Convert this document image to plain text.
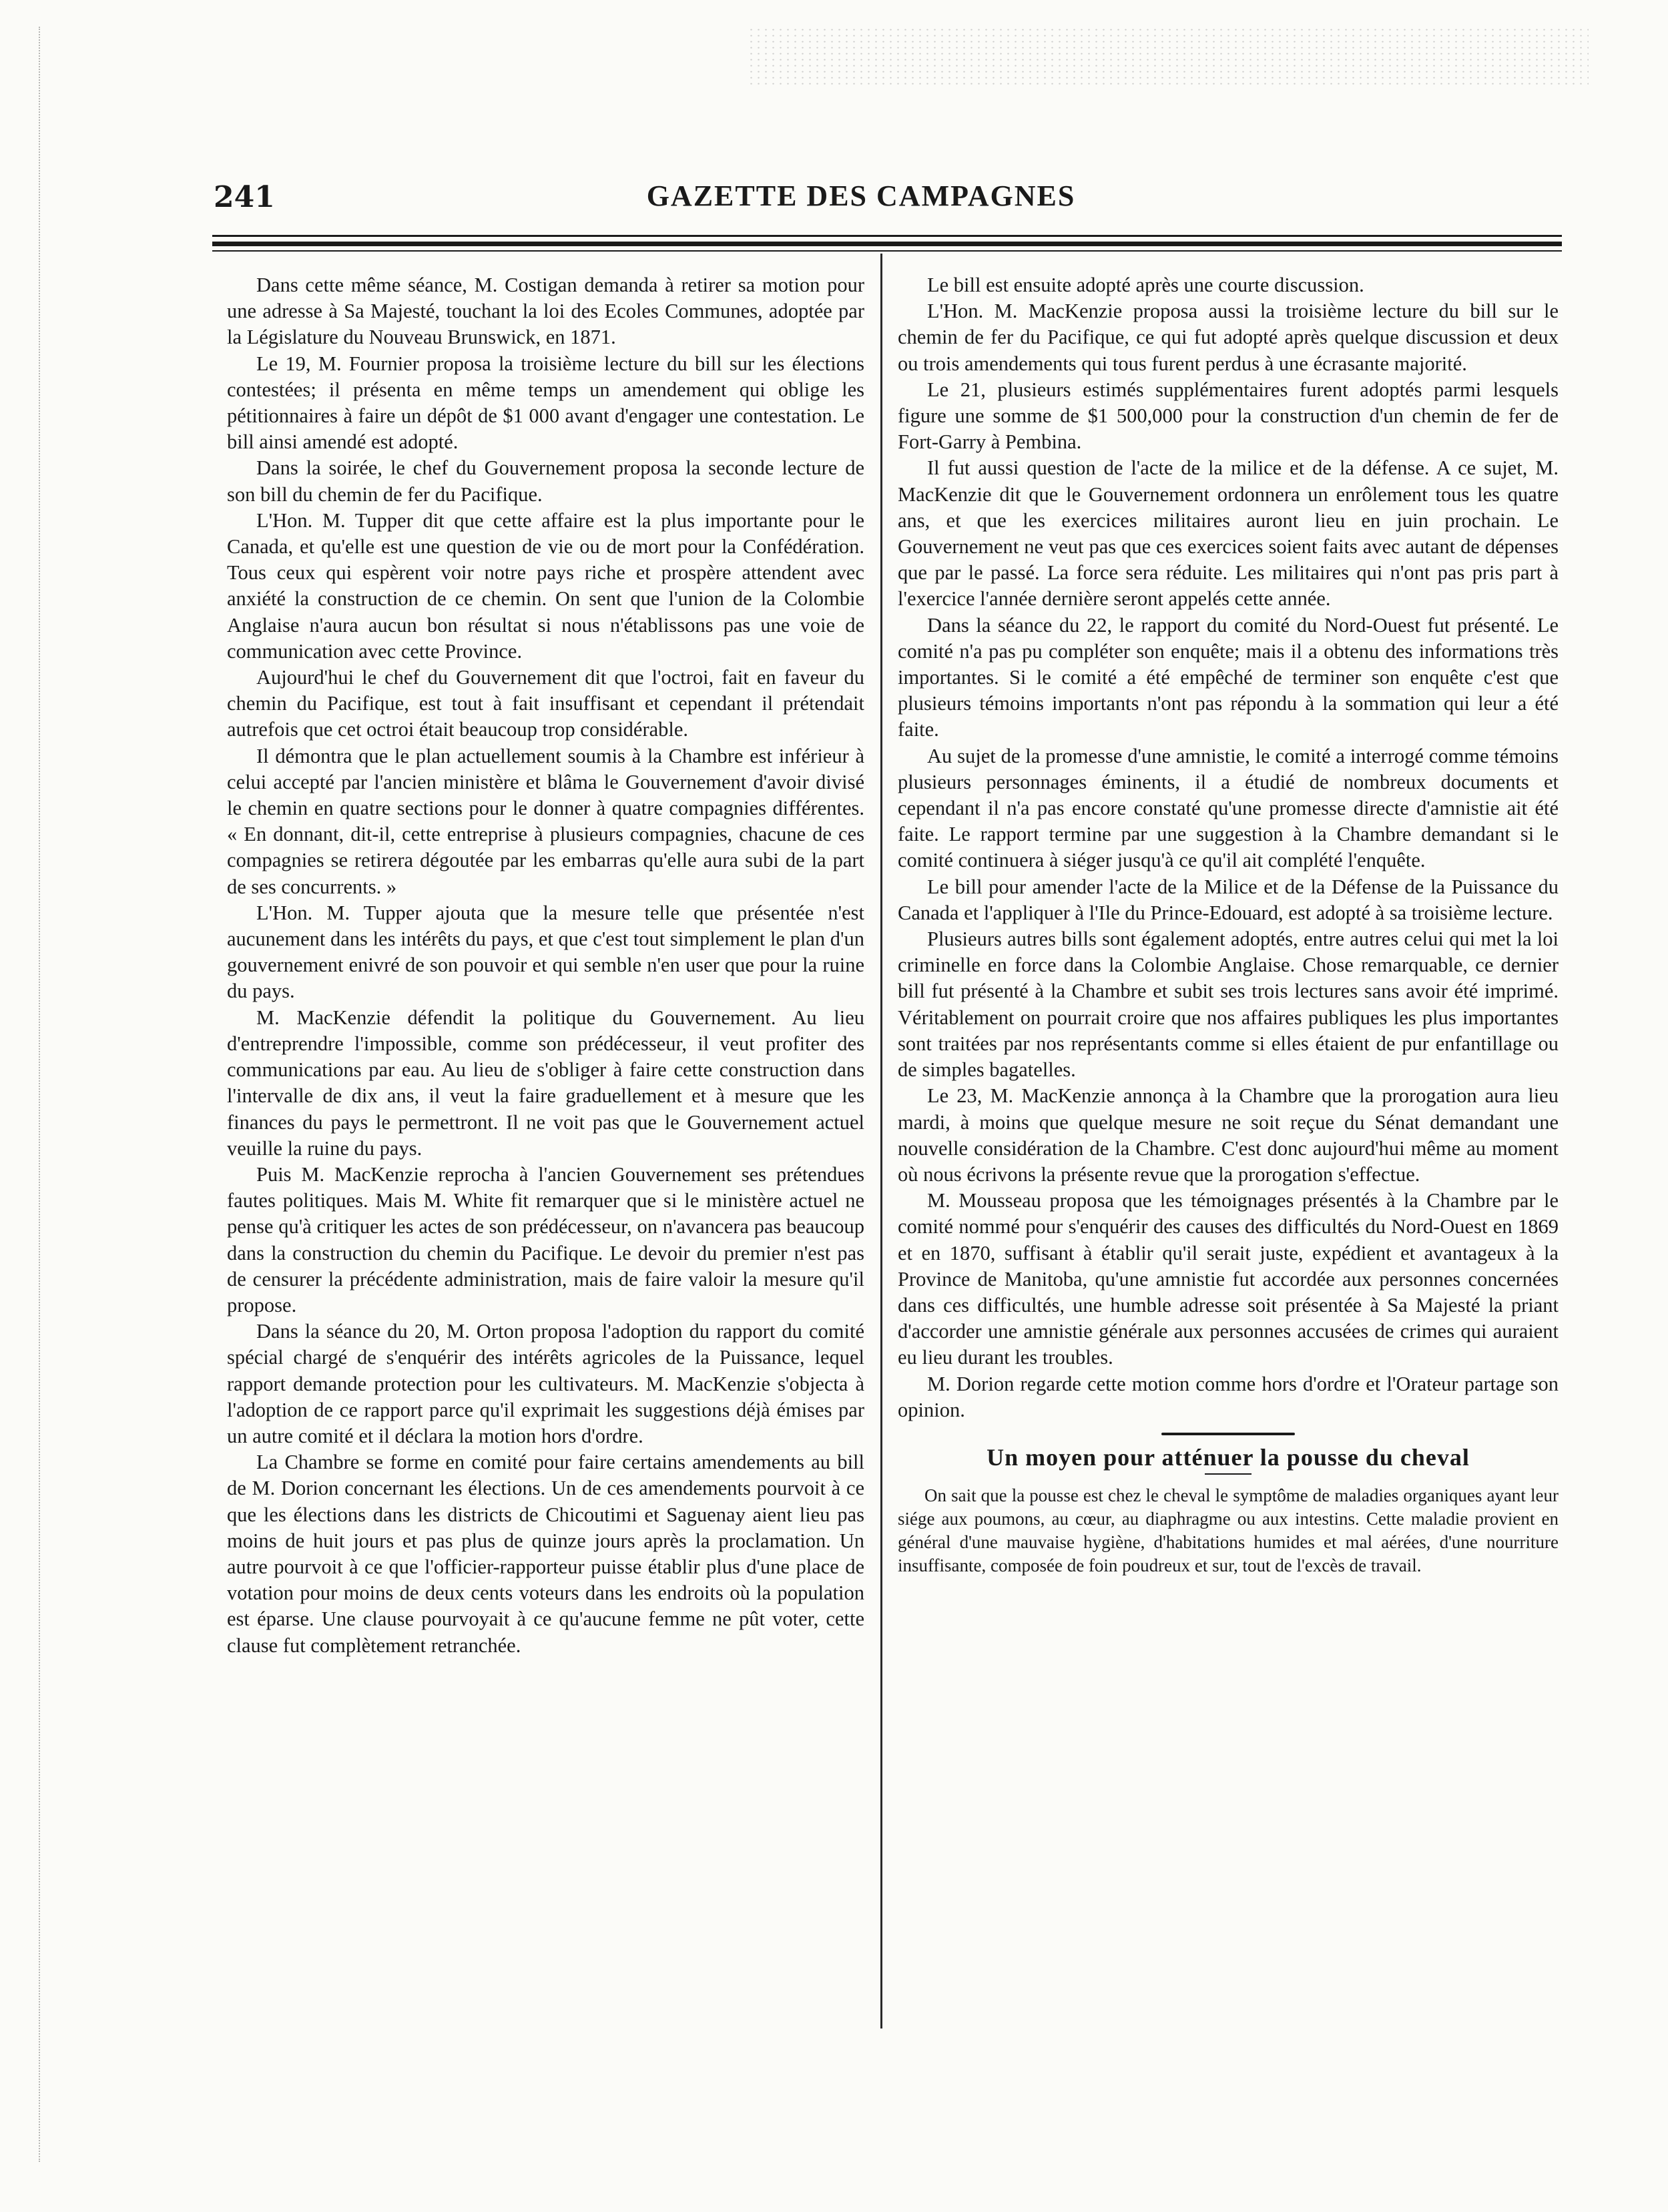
241	GAZETTE DES CAMPAGNES

Dans cette même séance, M. Costigan demanda à retirer sa motion pour une adresse à Sa Majesté, touchant la loi des Ecoles Communes, adoptée par la Législature du Nouveau Brunswick, en 1871.

Le 19, M. Fournier proposa la troisième lecture du bill sur les élections contestées; il présenta en même temps un amendement qui oblige les pétitionnaires à faire un dépôt de $1 000 avant d'engager une contestation. Le bill ainsi amendé est adopté.

Dans la soirée, le chef du Gouvernement proposa la seconde lecture de son bill du chemin de fer du Pacifique.

L'Hon. M. Tupper dit que cette affaire est la plus importante pour le Canada, et qu'elle est une question de vie ou de mort pour la Confédération. Tous ceux qui espèrent voir notre pays riche et prospère attendent avec anxiété la construction de ce chemin. On sent que l'union de la Colombie Anglaise n'aura aucun bon résultat si nous n'établissons pas une voie de communication avec cette Province.

Aujourd'hui le chef du Gouvernement dit que l'octroi, fait en faveur du chemin du Pacifique, est tout à fait insuffisant et cependant il prétendait autrefois que cet octroi était beaucoup trop considérable.

Il démontra que le plan actuellement soumis à la Chambre est inférieur à celui accepté par l'ancien ministère et blâma le Gouvernement d'avoir divisé le chemin en quatre sections pour le donner à quatre compagnies différentes. « En donnant, dit-il, cette entreprise à plusieurs compagnies, chacune de ces compagnies se retirera dégoutée par les embarras qu'elle aura subi de la part de ses concurrents. »

L'Hon. M. Tupper ajouta que la mesure telle que présentée n'est aucunement dans les intérêts du pays, et que c'est tout simplement le plan d'un gouvernement enivré de son pouvoir et qui semble n'en user que pour la ruine du pays.

M. MacKenzie défendit la politique du Gouvernement. Au lieu d'entreprendre l'impossible, comme son prédécesseur, il veut profiter des communications par eau. Au lieu de s'obliger à faire cette construction dans l'intervalle de dix ans, il veut la faire graduellement et à mesure que les finances du pays le permettront. Il ne voit pas que le Gouvernement actuel veuille la ruine du pays.

Puis M. MacKenzie reprocha à l'ancien Gouvernement ses prétendues fautes politiques. Mais M. White fit remarquer que si le ministère actuel ne pense qu'à critiquer les actes de son prédécesseur, on n'avancera pas beaucoup dans la construction du chemin du Pacifique. Le devoir du premier n'est pas de censurer la précédente administration, mais de faire valoir la mesure qu'il propose.

Dans la séance du 20, M. Orton proposa l'adoption du rapport du comité spécial chargé de s'enquérir des intérêts agricoles de la Puissance, lequel rapport demande protection pour les cultivateurs. M. MacKenzie s'objecta à l'adoption de ce rapport parce qu'il exprimait les suggestions déjà émises par un autre comité et il déclara la motion hors d'ordre.

La Chambre se forme en comité pour faire certains amendements au bill de M. Dorion concernant les élections. Un de ces amendements pourvoit à ce que les élections dans les districts de Chicoutimi et Saguenay aient lieu pas moins de huit jours et pas plus de quinze jours après la proclamation. Un autre pourvoit à ce que l'officier-rapporteur puisse établir plus d'une place de votation pour moins de deux cents voteurs dans les endroits où la population est éparse. Une clause pourvoyait à ce qu'aucune femme ne pût voter, cette clause fut complètement retranchée.

Le bill est ensuite adopté après une courte discussion.

L'Hon. M. MacKenzie proposa aussi la troisième lecture du bill sur le chemin de fer du Pacifique, ce qui fut adopté après quelque discussion et deux ou trois amendements qui tous furent perdus à une écrasante majorité.

Le 21, plusieurs estimés supplémentaires furent adoptés parmi lesquels figure une somme de $1 500,000 pour la construction d'un chemin de fer de Fort-Garry à Pembina.

Il fut aussi question de l'acte de la milice et de la défense. A ce sujet, M. MacKenzie dit que le Gouvernement ordonnera un enrôlement tous les quatre ans, et que les exercices militaires auront lieu en juin prochain. Le Gouvernement ne veut pas que ces exercices soient faits avec autant de dépenses que par le passé. La force sera réduite. Les militaires qui n'ont pas pris part à l'exercice l'année dernière seront appelés cette année.

Dans la séance du 22, le rapport du comité du Nord-Ouest fut présenté. Le comité n'a pas pu compléter son enquête; mais il a obtenu des informations très importantes. Si le comité a été empêché de terminer son enquête c'est que plusieurs témoins importants n'ont pas répondu à la sommation qui leur a été faite.

Au sujet de la promesse d'une amnistie, le comité a interrogé comme témoins plusieurs personnages éminents, il a étudié de nombreux documents et cependant il n'a pas encore constaté qu'une promesse directe d'amnistie ait été faite. Le rapport termine par une suggestion à la Chambre demandant si le comité continuera à siéger jusqu'à ce qu'il ait complété l'enquête.

Le bill pour amender l'acte de la Milice et de la Défense de la Puissance du Canada et l'appliquer à l'Ile du Prince-Edouard, est adopté à sa troisième lecture.

Plusieurs autres bills sont également adoptés, entre autres celui qui met la loi criminelle en force dans la Colombie Anglaise. Chose remarquable, ce dernier bill fut présenté à la Chambre et subit ses trois lectures sans avoir été imprimé. Véritablement on pourrait croire que nos affaires publiques les plus importantes sont traitées par nos représentants comme si elles étaient de pur enfantillage ou de simples bagatelles.

Le 23, M. MacKenzie annonça à la Chambre que la prorogation aura lieu mardi, à moins que quelque mesure ne soit reçue du Sénat demandant une nouvelle considération de la Chambre. C'est donc aujourd'hui même au moment où nous écrivons la présente revue que la prorogation s'effectue.

M. Mousseau proposa que les témoignages présentés à la Chambre par le comité nommé pour s'enquérir des causes des difficultés du Nord-Ouest en 1869 et en 1870, suffisant à établir qu'il serait juste, expédient et avantageux à la Province de Manitoba, qu'une amnistie fut accordée aux personnes concernées dans ces difficultés, une humble adresse soit présentée à Sa Majesté la priant d'accorder une amnistie générale aux personnes accusées de crimes qui auraient eu lieu durant les troubles.

M. Dorion regarde cette motion comme hors d'ordre et l'Orateur partage son opinion.

Un moyen pour atténuer la pousse du cheval

On sait que la pousse est chez le cheval le symptôme de maladies organiques ayant leur siége aux poumons, au cœur, au diaphragme ou aux intestins. Cette maladie provient en général d'une mauvaise hygiène, d'habitations humides et mal aérées, d'une nourriture insuffisante, composée de foin poudreux et sur, tout de l'excès de travail.
